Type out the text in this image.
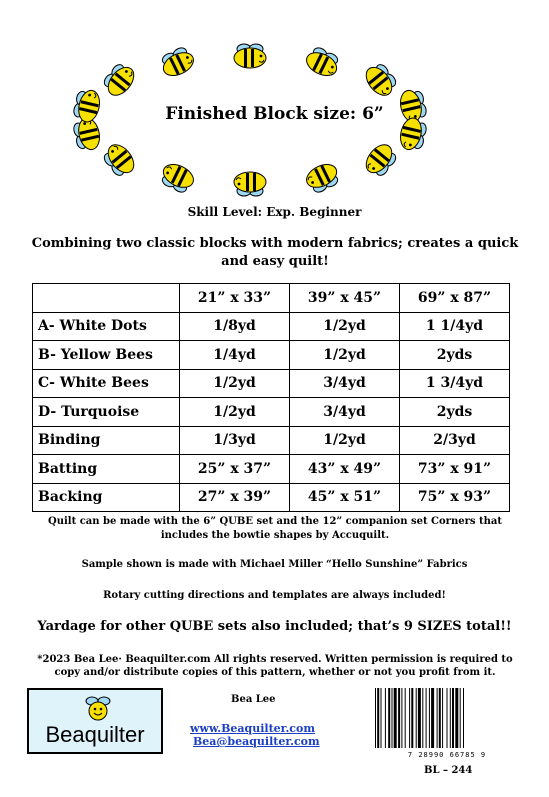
Finished Block size: 6”
Skill Level: Exp. Beginner
Combining two classic blocks with modern fabrics; creates a quick and easy quilt!
	21” x 33”	39” x 45”	69” x 87”
A- White Dots	1/8yd	1/2yd	1 1/4yd
B- Yellow Bees	1/4yd	1/2yd	2yds
C- White Bees	1/2yd	3/4yd	1 3/4yd
D- Turquoise	1/2yd	3/4yd	2yds
Binding	1/3yd	1/2yd	2/3yd
Batting	25” x 37”	43” x 49”	73” x 91”
Backing	27” x 39”	45” x 51”	75” x 93”
Quilt can be made with the 6” QUBE set and the 12” companion set Corners that includes the bowtie shapes by Accuquilt.
Sample shown is made with Michael Miller “Hello Sunshine” Fabrics
Rotary cutting directions and templates are always included!
Yardage for other QUBE sets also included; that’s 9 SIZES total!!
*2023 Bea Lee· Beaquilter.com All rights reserved. Written permission is required to copy and/or distribute copies of this pattern, whether or not you profit from it.
Beaquilter
Bea Lee
www.Beaquilter.com
Bea@beaquilter.com
7 28990 66785 9
BL – 244
